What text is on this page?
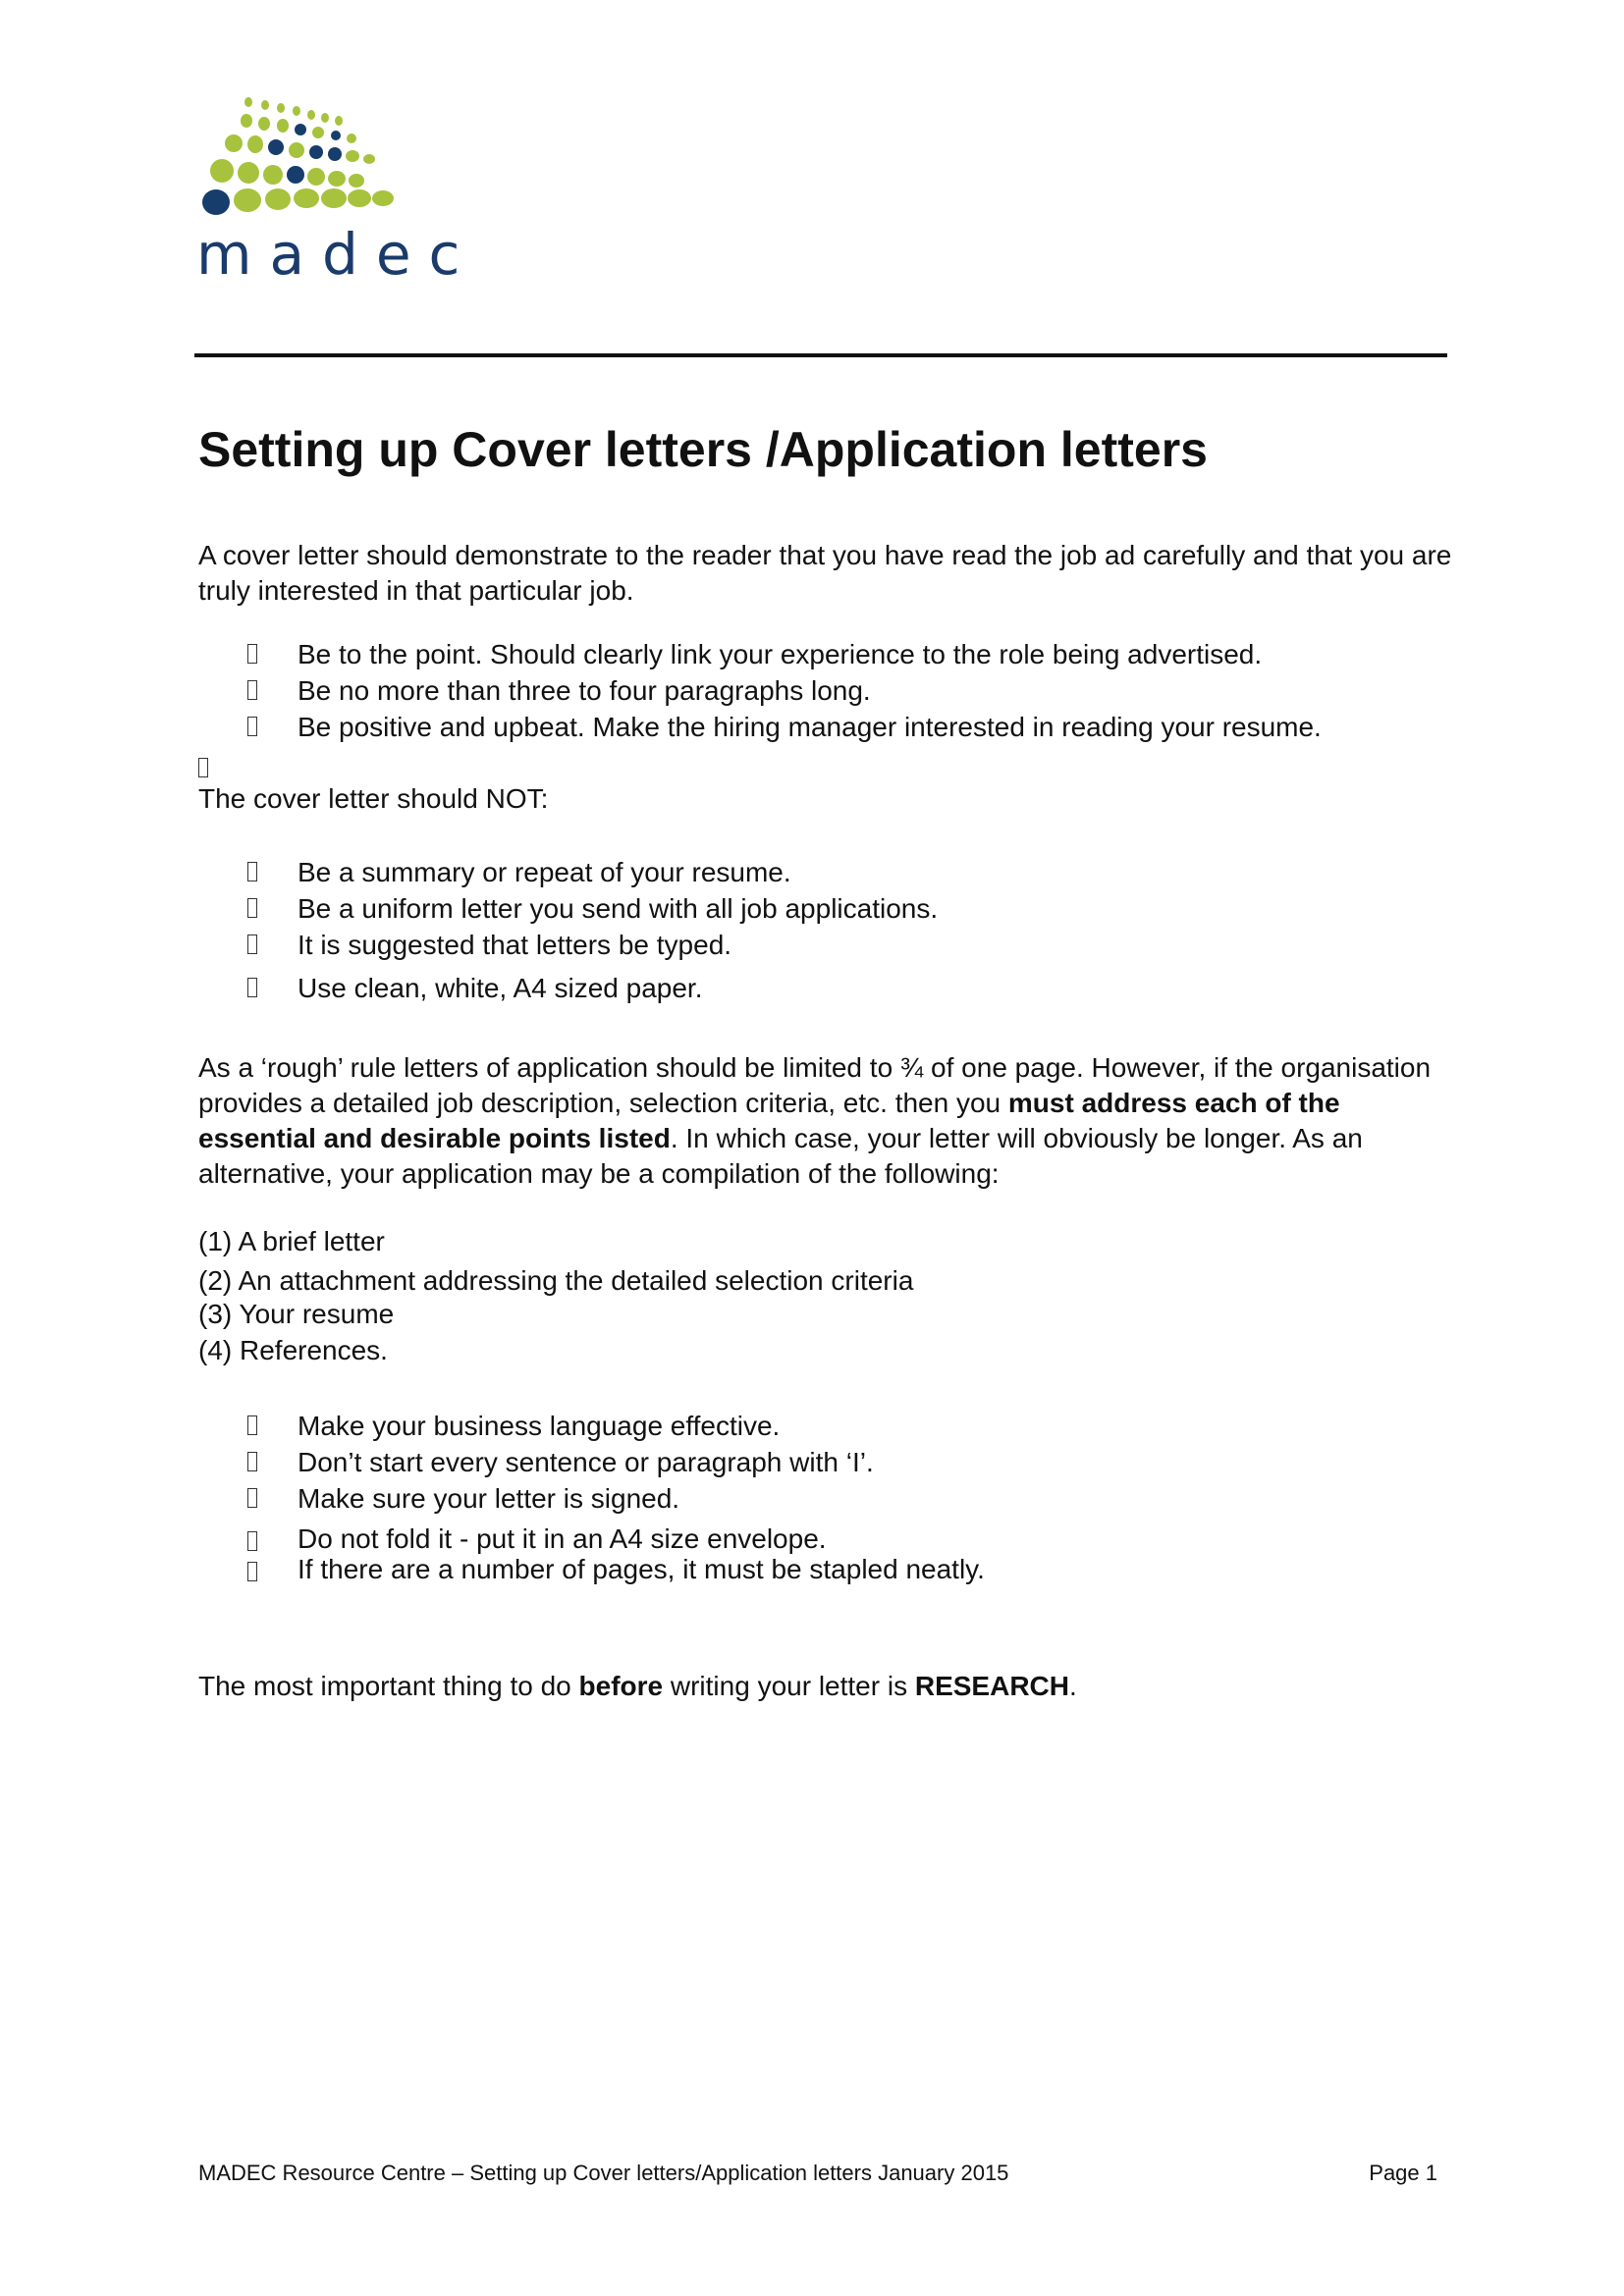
madec
Setting up Cover letters /Application letters

A cover letter should demonstrate to the reader that you have read the job ad carefully and that you are truly interested in that particular job.

Be to the point. Should clearly link your experience to the role being advertised.
Be no more than three to four paragraphs long.
Be positive and upbeat. Make the hiring manager interested in reading your resume.

The cover letter should NOT:

Be a summary or repeat of your resume.
Be a uniform letter you send with all job applications.
It is suggested that letters be typed.
Use clean, white, A4 sized paper.

As a ‘rough’ rule letters of application should be limited to ¾ of one page. However, if the organisation provides a detailed job description, selection criteria, etc. then you must address each of the essential and desirable points listed. In which case, your letter will obviously be longer. As an alternative, your application may be a compilation of the following:

(1) A brief letter
(2) An attachment addressing the detailed selection criteria
(3) Your resume
(4) References.
Make your business language effective.
Don’t start every sentence or paragraph with ‘I’.
Make sure your letter is signed.
Do not fold it - put it in an A4 size envelope.
If there are a number of pages, it must be stapled neatly.

The most important thing to do before writing your letter is RESEARCH.

MADEC Resource Centre – Setting up Cover letters/Application letters January 2015	Page 1
